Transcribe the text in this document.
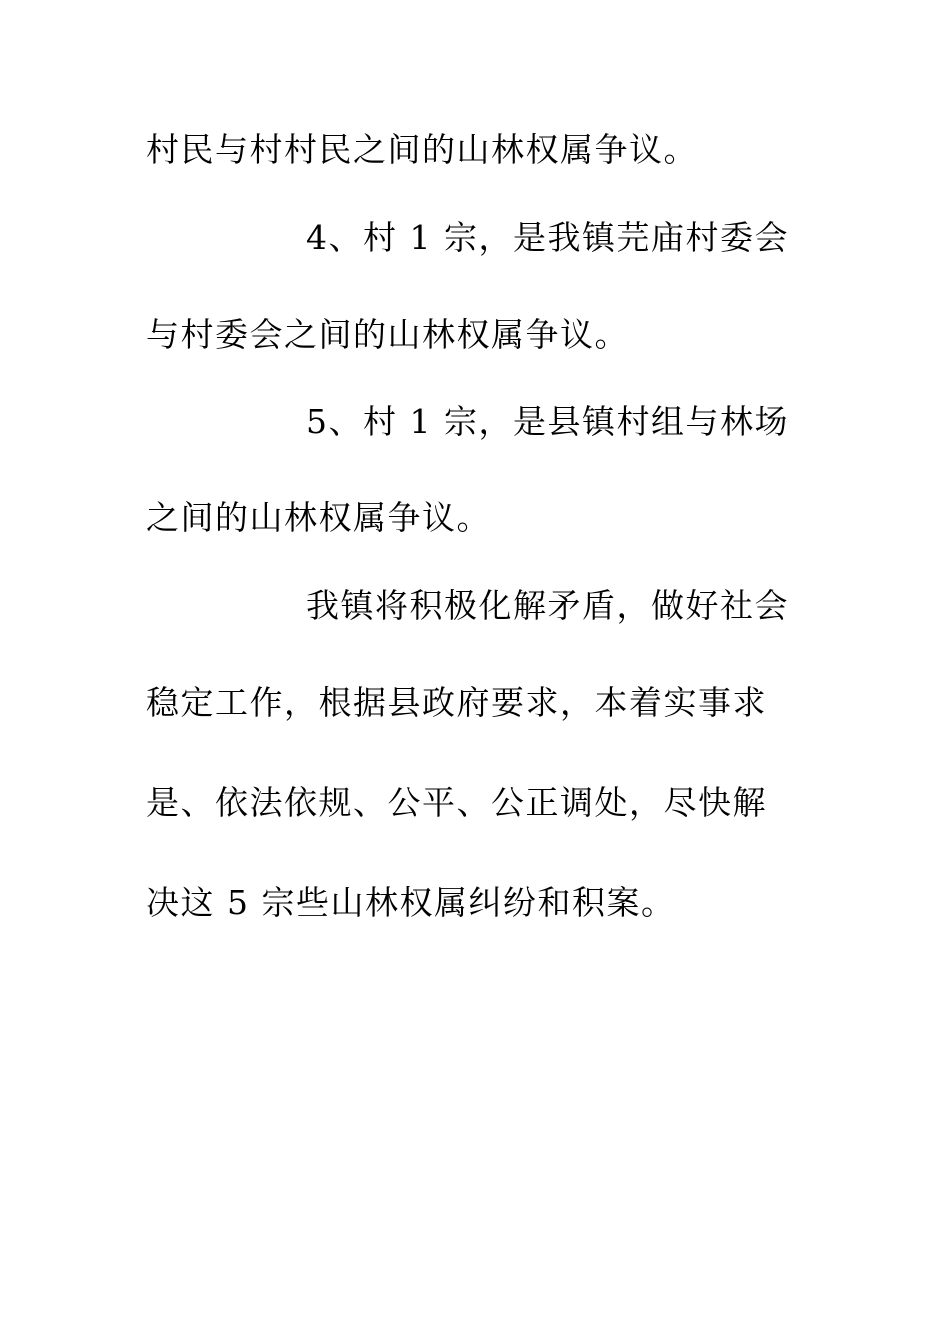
村民与村村民之间的山林权属争议。
4、村 1 宗，是我镇芫庙村委会
与村委会之间的山林权属争议。
5、村 1 宗，是县镇村组与林场
之间的山林权属争议。
我镇将积极化解矛盾，做好社会
稳定工作，根据县政府要求，本着实事求
是、依法依规、公平、公正调处，尽快解
决这 5 宗些山林权属纠纷和积案。
